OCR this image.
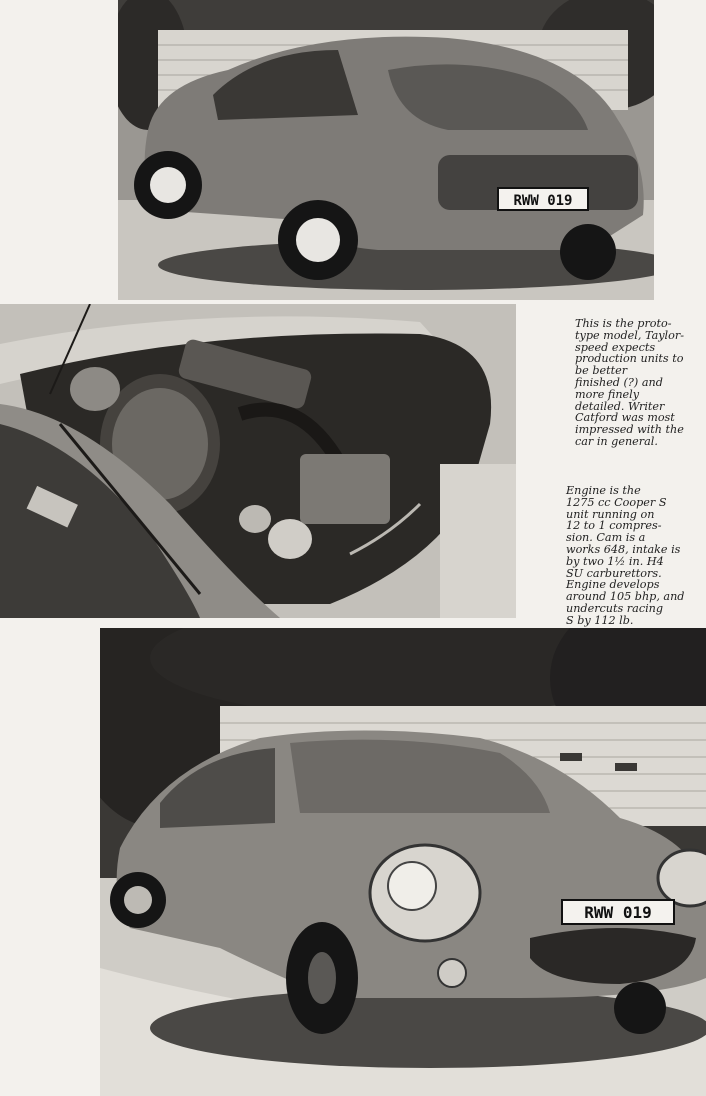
RWW 019

This is the proto-
type model, Taylor-
speed expects
production units to
be better
finished (?) and
more finely
detailed. Writer
Catford was most
impressed with the
car in general.

Engine is the
1275 cc Cooper S
unit running on
12 to 1 compres-
sion. Cam is a
works 648, intake is
by two 1½ in. H4
SU carburettors.
Engine develops
around 105 bhp, and
undercuts racing
S by 112 lb.

RWW 019
